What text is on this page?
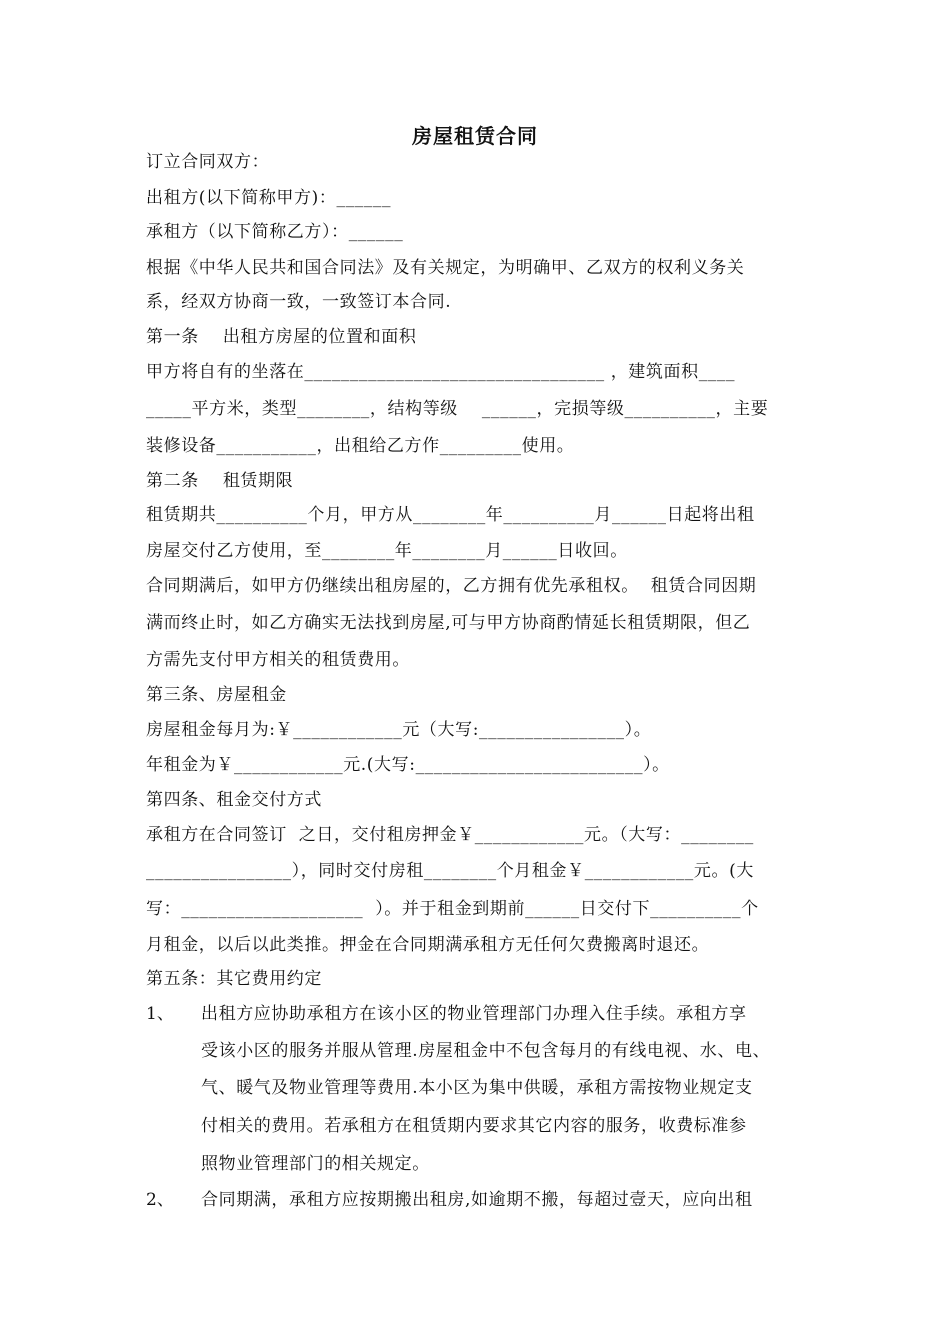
房屋租赁合同
订立合同双方：
出租方(以下简称甲方)：______
承租方（以下简称乙方）：______
根据《中华人民共和国合同法》及有关规定，为明确甲、乙双方的权利义务关
系，经双方协商一致，一致签订本合同.
第一条    出租方房屋的位置和面积
甲方将自有的坐落在_________________________________ ，建筑面积____
_____平方米，类型________，结构等级    ______，完损等级__________，主要
装修设备___________，出租给乙方作_________使用。
第二条    租赁期限
租赁期共__________个月，甲方从________年__________月______日起将出租
房屋交付乙方使用，至________年________月______日收回。
合同期满后，如甲方仍继续出租房屋的，乙方拥有优先承租权。  租赁合同因期
满而终止时，如乙方确实无法找到房屋,可与甲方协商酌情延长租赁期限，但乙
方需先支付甲方相关的租赁费用。
第三条、房屋租金
房屋租金每月为:￥____________元（大写:________________）。
年租金为￥____________元.(大写:_________________________）。
第四条、租金交付方式
承租方在合同签订  之日，交付租房押金￥____________元。（大写：________
________________），同时交付房租________个月租金￥____________元。(大
写：____________________  ）。并于租金到期前______日交付下__________个
月租金，以后以此类推。押金在合同期满承租方无任何欠费搬离时退还。
第五条：其它费用约定
1、 出租方应协助承租方在该小区的物业管理部门办理入住手续。承租方享
受该小区的服务并服从管理.房屋租金中不包含每月的有线电视、水、电、
气、暖气及物业管理等费用.本小区为集中供暖，承租方需按物业规定支
付相关的费用。若承租方在租赁期内要求其它内容的服务，收费标准参
照物业管理部门的相关规定。
2、 合同期满，承租方应按期搬出租房,如逾期不搬，每超过壹天，应向出租
